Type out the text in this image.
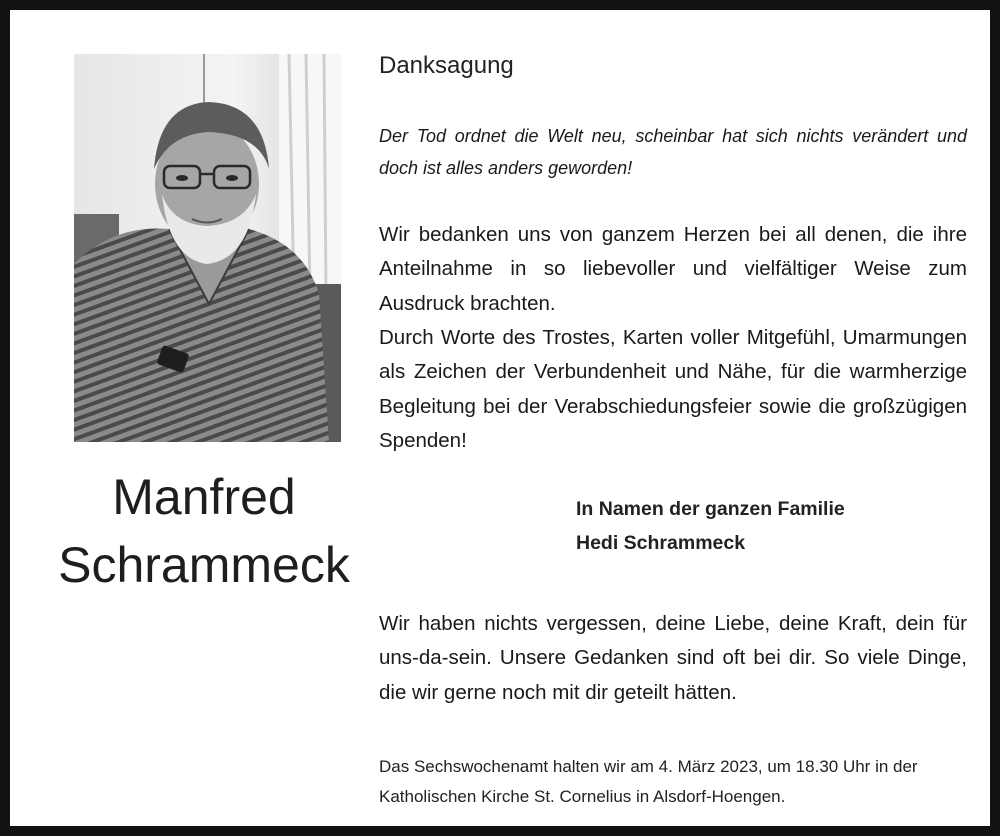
Manfred
Schrammeck
Danksagung
Der Tod ordnet die Welt neu, scheinbar hat sich nichts verändert und doch ist alles anders geworden!
Wir bedanken uns von ganzem Herzen bei all denen, die ihre Anteilnahme in so liebevoller und vielfältiger Weise zum Ausdruck brachten.
Durch Worte des Trostes, Karten voller Mitgefühl, Umarmungen als Zeichen der Verbundenheit und Nähe, für die warmherzige Begleitung bei der Verabschiedungsfeier sowie die großzügigen Spenden!
In Namen der ganzen Familie
Hedi Schrammeck
Wir haben nichts vergessen, deine Liebe, deine Kraft, dein für uns-da-sein. Unsere Gedanken sind oft bei dir. So viele Dinge, die wir gerne noch mit dir geteilt hätten.
Das Sechswochenamt halten wir am 4. März 2023, um 18.30 Uhr in der Katholischen Kirche St. Cornelius in Alsdorf-Hoengen.
